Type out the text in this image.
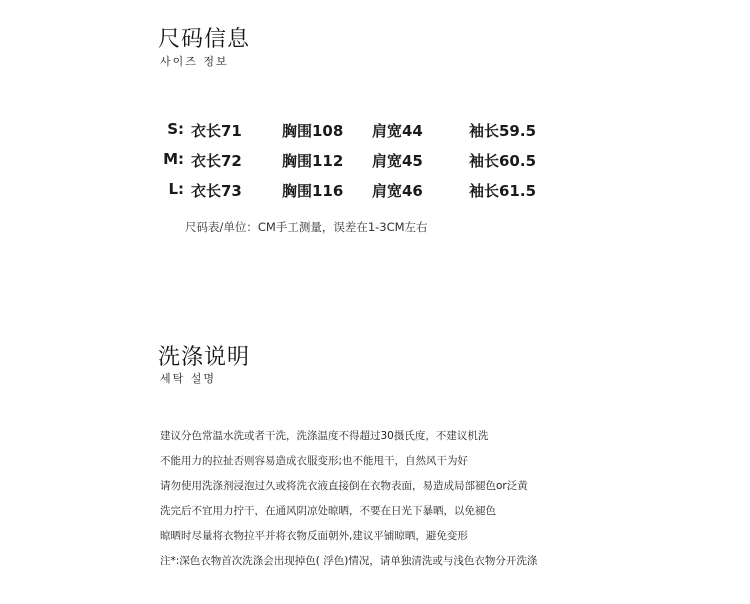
尺码信息
사이즈 정보
S: 衣长71	胸围108 肩宽44	袖长59.5
M: 衣长72	胸围112 肩宽45	袖长60.5
L: 衣长73	胸围116 肩宽46	袖长61.5
尺码表/单位：CM手工测量，误差在1-3CM左右
洗涤说明
세탁 설명
建议分色常温水洗或者干洗，洗涤温度不得超过30摄氏度，不建议机洗
不能用力的拉扯否则容易造成衣服变形;也不能甩干，自然风干为好
请勿使用洗涤剂浸泡过久或将洗衣液直接倒在衣物表面，易造成局部褪色or泛黄
洗完后不宜用力拧干，在通风阴凉处晾晒，不要在日光下暴晒，以免褪色
晾晒时尽量将衣物拉平并将衣物反面朝外,建议平铺晾晒，避免变形
注*:深色衣物首次洗涤会出现掉色( 浮色)情况，请单独清洗或与浅色衣物分开洗涤
